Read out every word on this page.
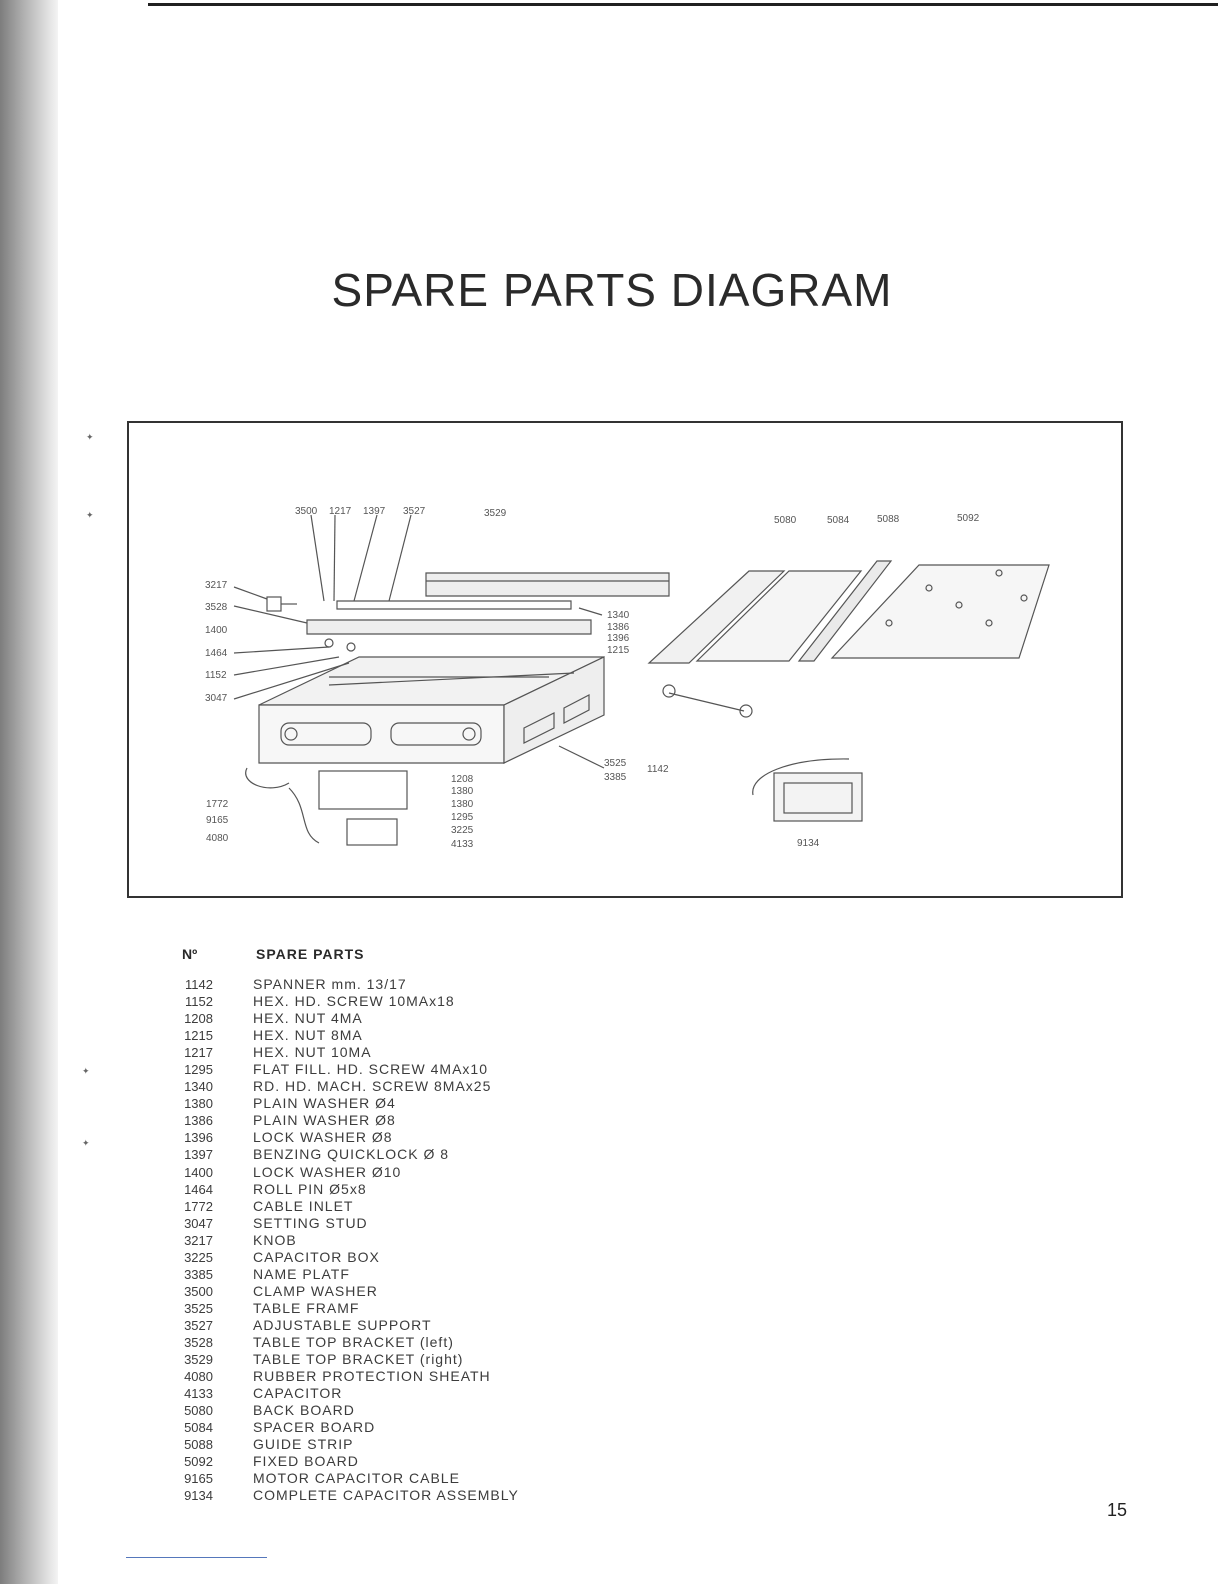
✦
✦
✦
✦
SPARE PARTS DIAGRAM
3500 1217 1397 3527	3529
5080	5084	5088	5092
3217
3528
1400
1464
1152
3047
1340
1386
1396
1215
3525
3385
1142
1208
1380
1380
1295
3225
4133
1772
9165
4080	9134
Nº	SPARE PARTS
1142	SPANNER mm. 13/17
1152	HEX. HD. SCREW 10MAx18
1208	HEX. NUT 4MA
1215	HEX. NUT 8MA
1217	HEX. NUT 10MA
1295	FLAT FILL. HD. SCREW 4MAx10
1340	RD. HD. MACH. SCREW 8MAx25
1380	PLAIN WASHER Ø4
1386	PLAIN WASHER Ø8
1396	LOCK WASHER Ø8
1397	BENZING QUICKLOCK Ø 8
1400	LOCK WASHER Ø10
1464	ROLL PIN Ø5x8
1772	CABLE INLET
3047	SETTING STUD
3217	KNOB
3225	CAPACITOR BOX
3385	NAME PLATF
3500	CLAMP WASHER
3525	TABLE FRAMF
3527	ADJUSTABLE SUPPORT
3528	TABLE TOP BRACKET (left)
3529	TABLE TOP BRACKET (right)
4080	RUBBER PROTECTION SHEATH
4133	CAPACITOR
5080	BACK BOARD
5084	SPACER BOARD
5088	GUIDE STRIP
5092	FIXED BOARD
9165	MOTOR CAPACITOR CABLE
9134	COMPLETE CAPACITOR ASSEMBLY
15
